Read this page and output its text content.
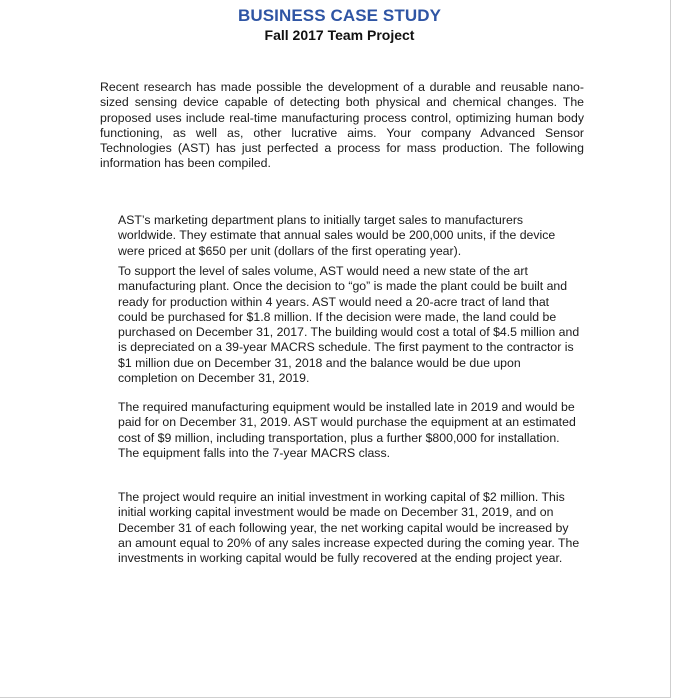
BUSINESS CASE STUDY
Fall 2017 Team Project

Recent research has made possible the development of a durable and reusable nano-sized sensing device capable of detecting both physical and chemical changes. The proposed uses include real-time manufacturing process control, optimizing human body functioning, as well as, other lucrative aims. Your company Advanced Sensor Technologies (AST) has just perfected a process for mass production. The following information has been compiled.

AST’s marketing department plans to initially target sales to manufacturers worldwide. They estimate that annual sales would be 200,000 units, if the device were priced at $650 per unit (dollars of the first operating year).

To support the level of sales volume, AST would need a new state of the art manufacturing plant. Once the decision to “go” is made the plant could be built and ready for production within 4 years. AST would need a 20-acre tract of land that could be purchased for $1.8 million. If the decision were made, the land could be purchased on December 31, 2017. The building would cost a total of $4.5 million and is depreciated on a 39-year MACRS schedule. The first payment to the contractor is $1 million due on December 31, 2018 and the balance would be due upon completion on December 31, 2019.

The required manufacturing equipment would be installed late in 2019 and would be paid for on December 31, 2019. AST would purchase the equipment at an estimated cost of $9 million, including transportation, plus a further $800,000 for installation. The equipment falls into the 7-year MACRS class.

The project would require an initial investment in working capital of $2 million. This initial working capital investment would be made on December 31, 2019, and on December 31 of each following year, the net working capital would be increased by an amount equal to 20% of any sales increase expected during the coming year. The investments in working capital would be fully recovered at the ending project year.
